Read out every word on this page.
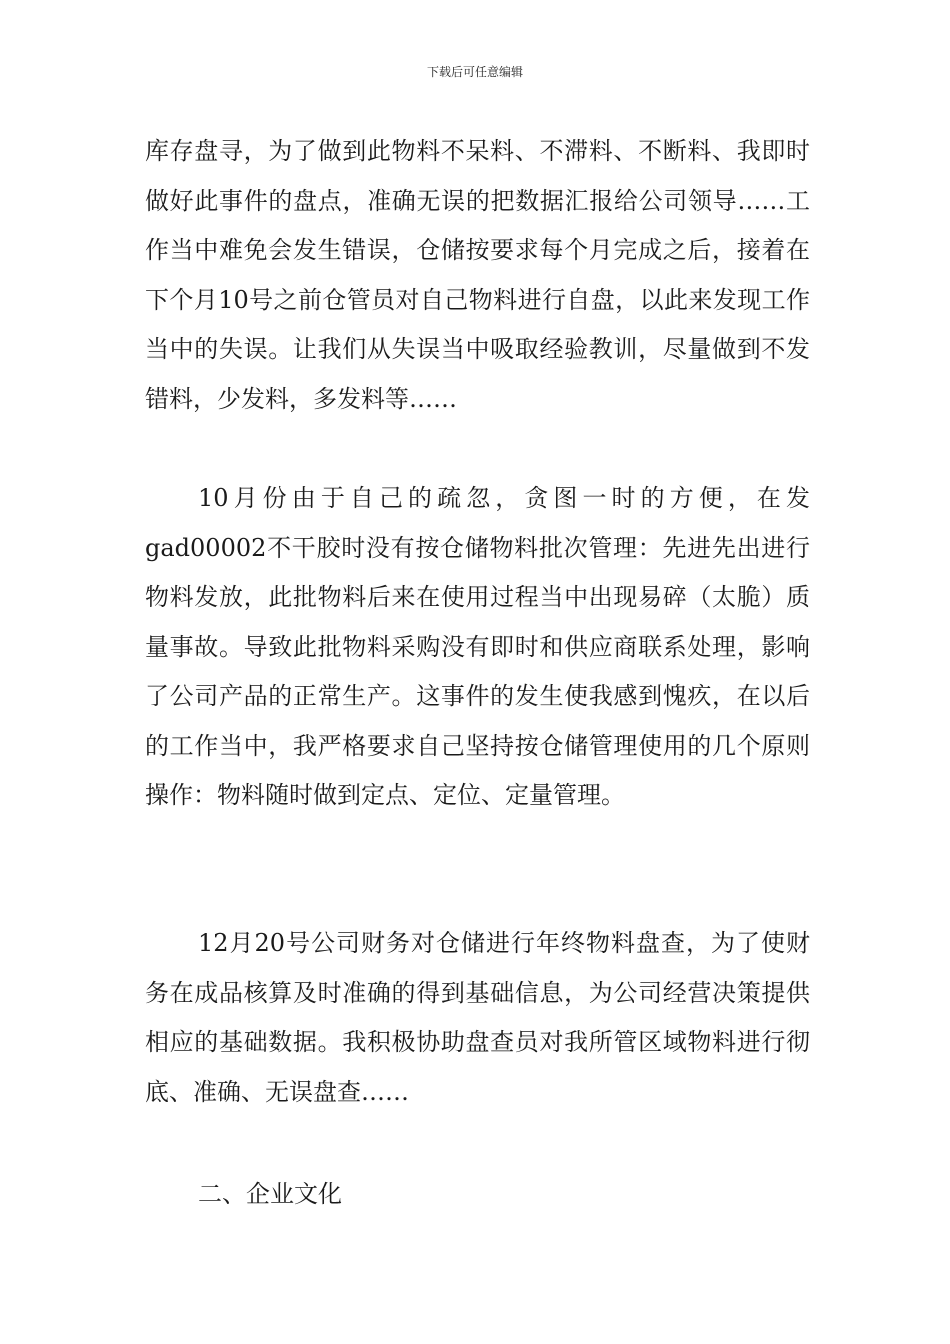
下载后可任意编辑

库存盘寻，为了做到此物料不呆料、不滞料、不断料、我即时做好此事件的盘点，准确无误的把数据汇报给公司领导……工作当中难免会发生错误，仓储按要求每个月完成之后，接着在下个月10号之前仓管员对自己物料进行自盘，以此来发现工作当中的失误。让我们从失误当中吸取经验教训，尽量做到不发错料，少发料，多发料等……

10月份由于自己的疏忽，贪图一时的方便，在发gad00002不干胶时没有按仓储物料批次管理：先进先出进行物料发放，此批物料后来在使用过程当中出现易碎（太脆）质量事故。导致此批物料采购没有即时和供应商联系处理，影响了公司产品的正常生产。这事件的发生使我感到愧疚，在以后的工作当中，我严格要求自己坚持按仓储管理使用的几个原则操作：物料随时做到定点、定位、定量管理。

12月20号公司财务对仓储进行年终物料盘查，为了使财务在成品核算及时准确的得到基础信息，为公司经营决策提供相应的基础数据。我积极协助盘查员对我所管区域物料进行彻底、准确、无误盘查……

二、企业文化
